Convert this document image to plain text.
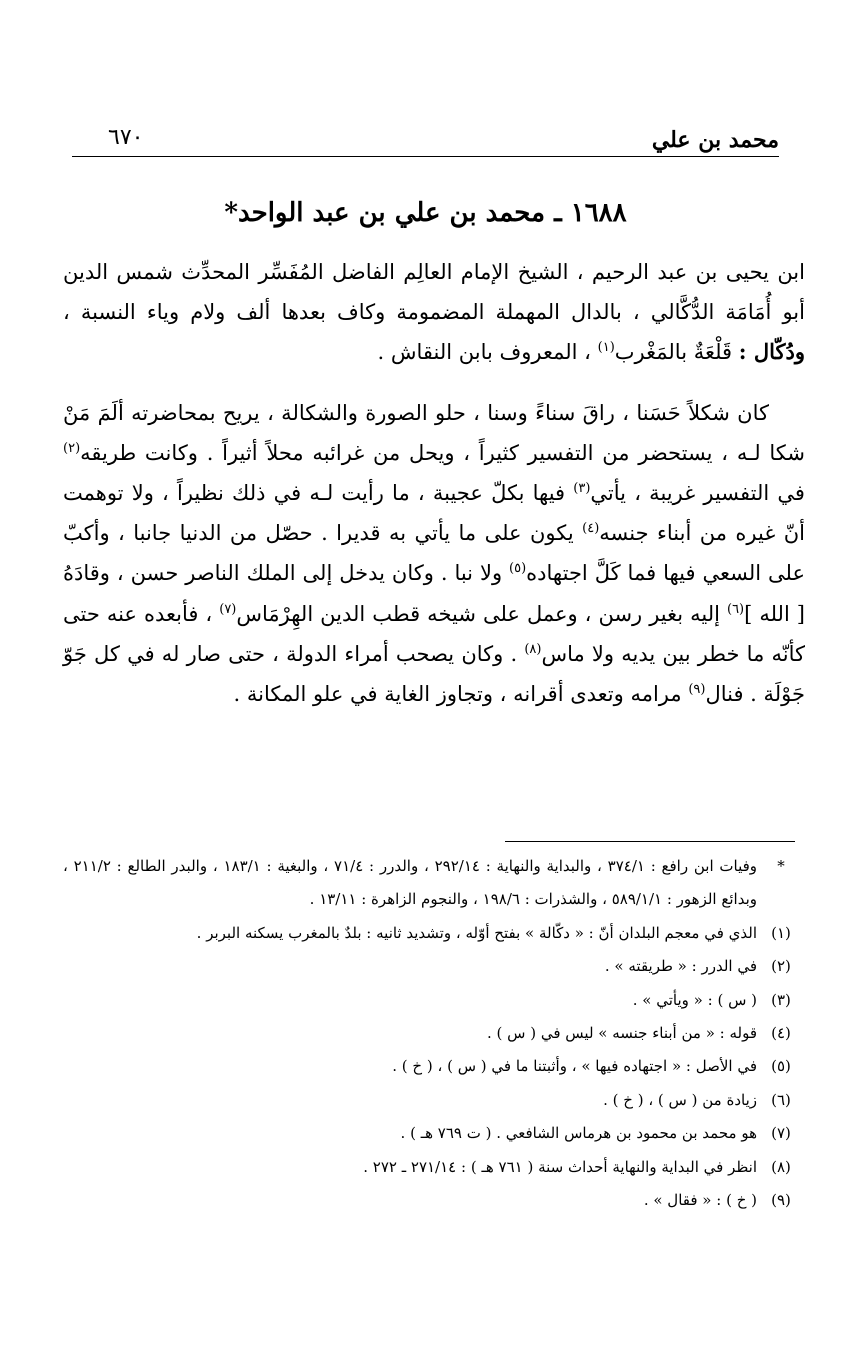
محمد بن علي
٦٧٠
١٦٨٨ ـ محمد بن علي بن عبد الواحد*

ابن يحيى بن عبد الرحيم ، الشيخ الإمام العالِم الفاضل المُفَسِّر المحدِّث شمس الدين أبو أُمَامَة الدُّكَّالي ، بالدال المهملة المضمومة وكاف بعدها ألف ولام وياء النسبة ، ودُكّال : قَلْعَةٌ بالمَغْرب$^{(١)}$ ، المعروف بابن النقاش .

كان شكلاً حَسَنا ، راقَ سناءً وسنا ، حلو الصورة والشكالة ، يريح بمحاضرته ألَمَ مَنْ شكا لـه ، يستحضر من التفسير كثيراً ، ويحل من غرائبه محلاً أثيراً . وكانت طريقه$^{(٢)}$ في التفسير غريبة ، يأتي$^{(٣)}$ فيها بكلّ عجيبة ، ما رأيت لـه في ذلك نظيراً ، ولا توهمت أنّ غيره من أبناء جنسه$^{(٤)}$ يكون على ما يأتي به قديرا . حصّل من الدنيا جانبا ، وأكبّ على السعي فيها فما كَلَّ اجتهاده$^{(٥)}$ ولا نبا . وكان يدخل إلى الملك الناصر حسن ، وقادَهُ [ الله ]$^{(٦)}$ إليه بغير رسن ، وعمل على شيخه قطب الدين الهِرْمَاس$^{(٧)}$ ، فأبعده عنه حتى كأنّه ما خطر بين يديه ولا ماس$^{(٨)}$ . وكان يصحب أمراء الدولة ، حتى صار له في كل جَوّ جَوْلَة . فنال$^{(٩)}$ مرامه وتعدى أقرانه ، وتجاوز الغاية في علو المكانة .

*
وفيات ابن رافع : ٣٧٤/١ ، والبداية والنهاية : ٢٩٢/١٤ ، والدرر : ٧١/٤ ، والبغية : ١٨٣/١ ، والبدر الطالع : ٢١١/٢ ، وبدائع الزهور : ٥٨٩/١/١ ، والشذرات : ١٩٨/٦ ، والنجوم الزاهرة : ١٣/١١ .
(١)
الذي في معجم البلدان أنّ : « دكّالة » بفتح أوّله ، وتشديد ثانيه : بلدٌ بالمغرب يسكنه البربر .
(٢)
في الدرر : « طريقته » .
(٣)
( س ) : « ويأتي » .
(٤)
قوله : « من أبناء جنسه » ليس في ( س ) .
(٥)
في الأصل : « اجتهاده فيها » ، وأثبتنا ما في ( س ) ، ( خ ) .
(٦)
زيادة من ( س ) ، ( خ ) .
(٧)
هو محمد بن محمود بن هرماس الشافعي . ( ت ٧٦٩ هـ ) .
(٨)
انظر في البداية والنهاية أحداث سنة ( ٧٦١ هـ ) : ٢٧١/١٤ ـ ٢٧٢ .
(٩)
( خ ) : « فقال » .
